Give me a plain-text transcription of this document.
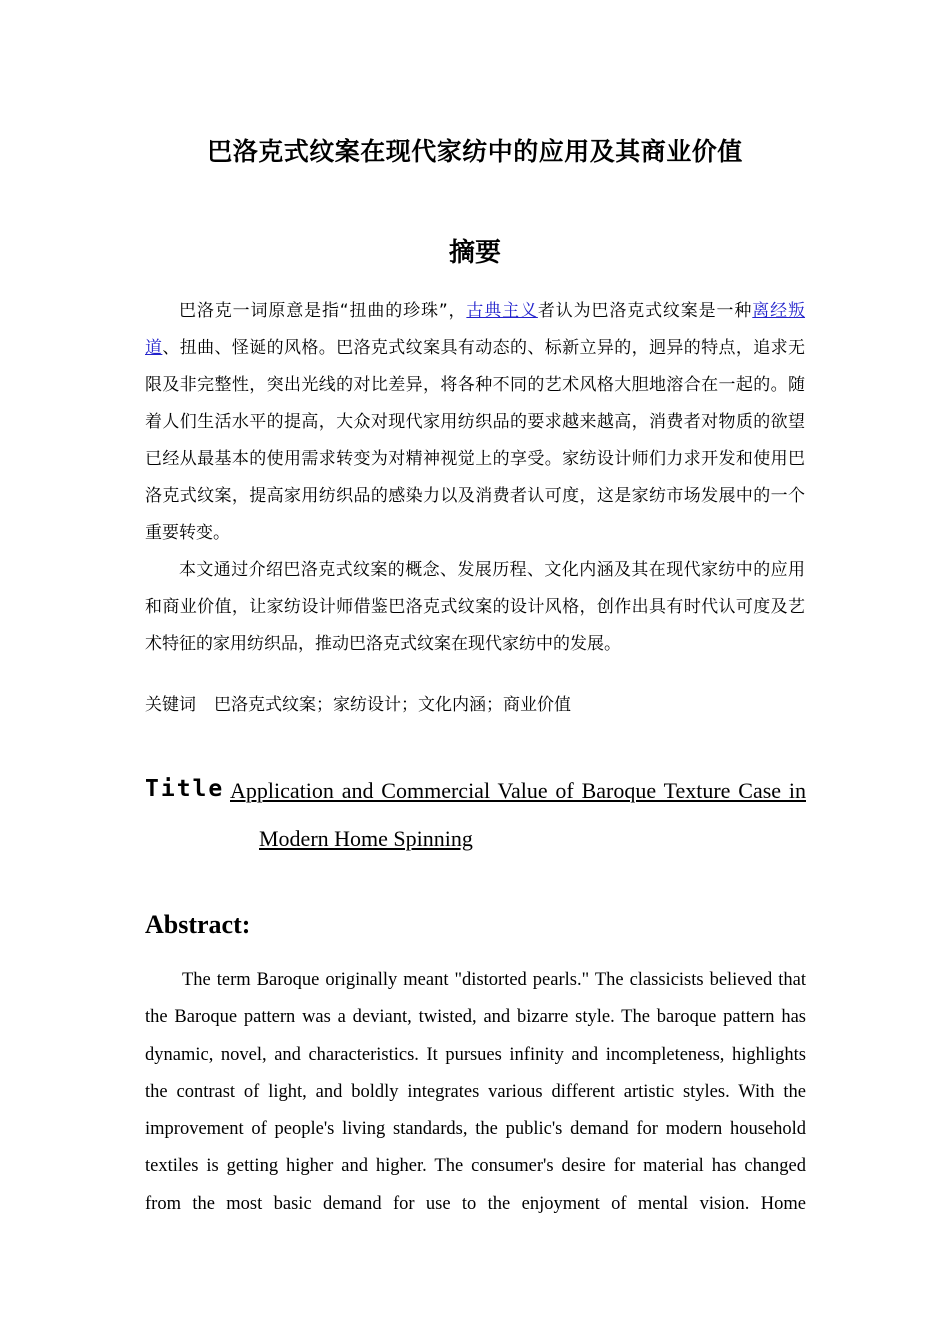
巴洛克式纹案在现代家纺中的应用及其商业价值
摘要

巴洛克一词原意是指“扭曲的珍珠”，古典主义者认为巴洛克式纹案是一种离经叛道、扭曲、怪诞的风格。巴洛克式纹案具有动态的、标新立异的，迥异的特点，追求无限及非完整性，突出光线的对比差异，将各种不同的艺术风格大胆地溶合在一起的。随着人们生活水平的提高，大众对现代家用纺织品的要求越来越高，消费者对物质的欲望已经从最基本的使用需求转变为对精神视觉上的享受。家纺设计师们力求开发和使用巴洛克式纹案，提高家用纺织品的感染力以及消费者认可度，这是家纺市场发展中的一个重要转变。

本文通过介绍巴洛克式纹案的概念、发展历程、文化内涵及其在现代家纺中的应用和商业价值，让家纺设计师借鉴巴洛克式纹案的设计风格，创作出具有时代认可度及艺术特征的家用纺织品，推动巴洛克式纹案在现代家纺中的发展。

关键词 巴洛克式纹案；家纺设计；文化内涵；商业价值
Title Application and Commercial Value of Baroque Texture Case in
Modern Home Spinning
Abstract:

The term Baroque originally meant "distorted pearls." The classicists believed that the Baroque pattern was a deviant, twisted, and bizarre style. The baroque pattern has dynamic, novel, and characteristics. It pursues infinity and incompleteness, highlights the contrast of light, and boldly integrates various different artistic styles. With the improvement of people's living standards, the public's demand for modern household textiles is getting higher and higher. The consumer's desire for material has changed from the most basic demand for use to the enjoyment of mental vision. Home
